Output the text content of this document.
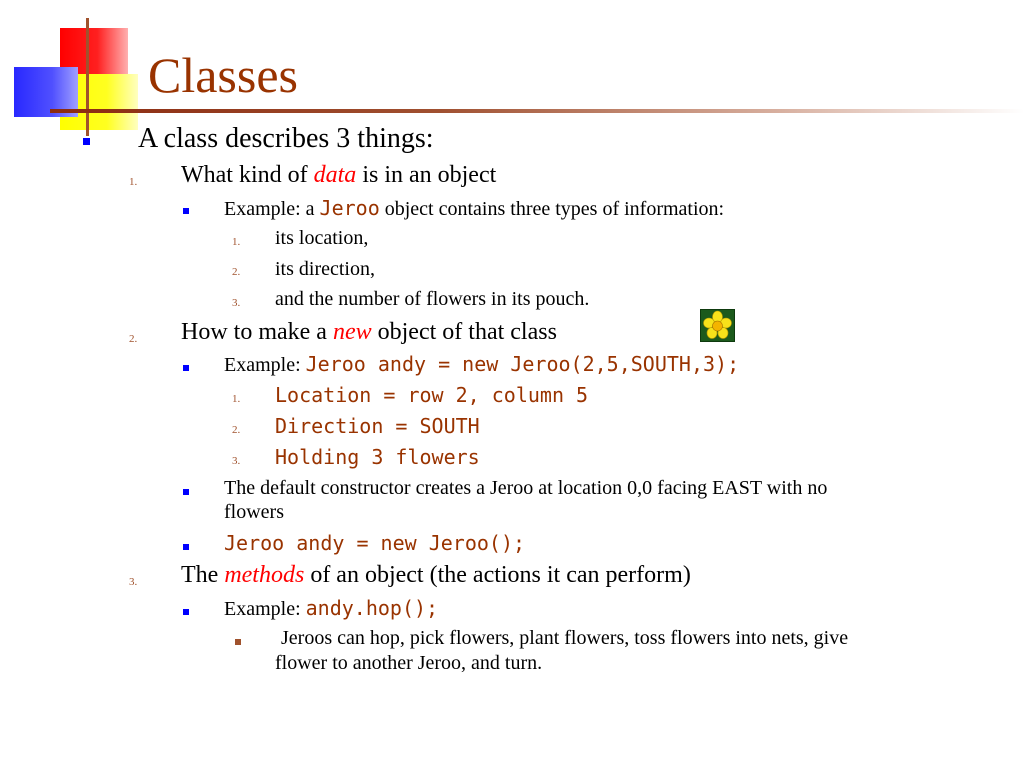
Classes
A class describes 3 things:
1. What kind of data is in an object
Example: a Jeroo object contains three types of information:
1. its location,
2. its direction,
3. and the number of flowers in its pouch.
2. How to make a new object of that class
Example: Jeroo andy = new Jeroo(2,5,SOUTH,3);
1. Location = row 2, column 5
2. Direction = SOUTH
3. Holding 3 flowers
The default constructor creates a Jeroo at location 0,0 facing EAST with no
flowers
Jeroo andy = new Jeroo();
3. The methods of an object (the actions it can perform)
Example: andy.hop();
Jeroos can hop, pick flowers, plant flowers, toss flowers into nets, give
flower to another Jeroo, and turn.
